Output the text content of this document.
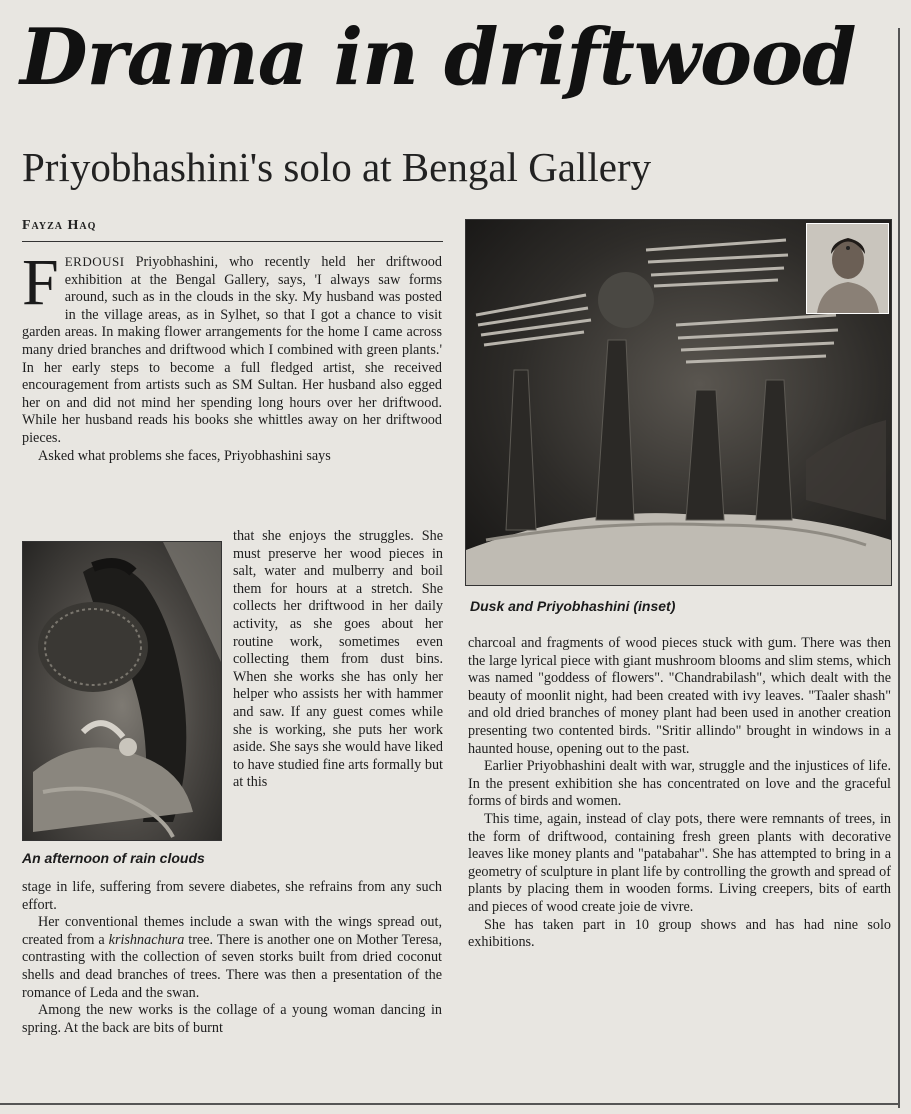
Drama in driftwood
Priyobhashini's solo at Bengal Gallery
Fayza Haq

FERDOUSI Priyobhashini, who recently held her driftwood exhibition at the Bengal Gallery, says, 'I always saw forms around, such as in the clouds in the sky. My husband was posted in the village areas, as in Sylhet, so that I got a chance to visit garden areas. In making flower arrangements for the home I came across many dried branches and driftwood which I combined with green plants.' In her early steps to become a full fledged artist, she received encouragement from artists such as SM Sultan. Her husband also egged her on and did not mind her spending long hours over her driftwood. While her husband reads his books she whittles away on her driftwood pieces.

Asked what problems she faces, Priyobhashini says

An afternoon of rain clouds

that she enjoys the struggles. She must preserve her wood pieces in salt, water and mulberry and boil them for hours at a stretch. She collects her driftwood in her daily activity, as she goes about her routine work, sometimes even collecting them from dust bins. When she works she has only her helper who assists her with hammer and saw. If any guest comes while she is working, she puts her work aside. She says she would have liked to have studied fine arts formally but at this

stage in life, suffering from severe diabetes, she refrains from any such effort.

Her conventional themes include a swan with the wings spread out, created from a krishnachura tree. There is another one on Mother Teresa, contrasting with the collection of seven storks built from dried coconut shells and dead branches of trees. There was then a presentation of the romance of Leda and the swan.

Among the new works is the collage of a young woman dancing in spring. At the back are bits of burnt

Dusk and Priyobhashini (inset)

charcoal and fragments of wood pieces stuck with gum. There was then the large lyrical piece with giant mushroom blooms and slim stems, which was named "goddess of flowers". "Chandrabilash", which dealt with the beauty of moonlit night, had been created with ivy leaves. "Taaler shash" and old dried branches of money plant had been used in another creation presenting two contented birds. "Sritir allindo" brought in windows in a haunted house, opening out to the past.

Earlier Priyobhashini dealt with war, struggle and the injustices of life. In the present exhibition she has concentrated on love and the graceful forms of birds and women.

This time, again, instead of clay pots, there were remnants of trees, in the form of driftwood, containing fresh green plants with decorative leaves like money plants and "patabahar". She has attempted to bring in a geometry of sculpture in plant life by controlling the growth and spread of plants by placing them in wooden forms. Living creepers, bits of earth and pieces of wood create joie de vivre.

She has taken part in 10 group shows and has had nine solo exhibitions.
